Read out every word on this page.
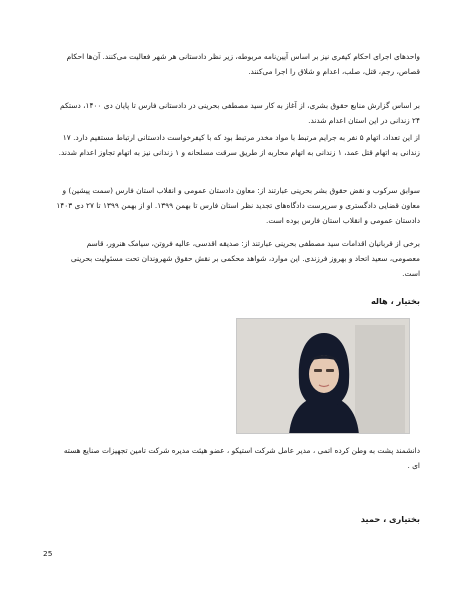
واحدهای اجرای احکام کیفری نیز بر اساس آیین‌نامه مربوطه، زیر نظر دادستانی هر شهر فعالیت می‌کنند. آن‌ها احکام قصاص، رجم، قتل، صلب، اعدام و شلاق را اجرا می‌کنند.

بر اساس گزارش منابع حقوق بشری، از آغاز به کار سید مصطفی بحرینی در دادستانی فارس تا پایان دی ۱۴۰۰، دستکم ۲۴ زندانی در این استان اعدام شدند.

از این تعداد، اتهام ۵ نفر به جرایم مرتبط با مواد مخدر مرتبط بود که با کیفرخواست دادستانی ارتباط مستقیم دارد. ۱۷ زندانی به اتهام قتل عمد، ۱ زندانی به اتهام محاربه از طریق سرقت مسلحانه و ۱ زندانی نیز به اتهام تجاوز اعدام شدند.

سوابق سرکوب و نقض حقوق بشر بحرینی عبارتند از: معاون دادستان عمومی و انقلاب استان فارس (سمت پیشین) و معاون قضایی دادگستری و سرپرست دادگاه‌های تجدید نظر استان فارس تا بهمن ۱۳۹۹. او از بهمن ۱۳۹۹ تا ۲۷ دی ۱۴۰۳ دادستان عمومی و انقلاب استان فارس بوده است.

برخی از قربانیان اقدامات سید مصطفی بحرینی عبارتند از: صدیقه اقدسی، عالیه فروتن، سیامک هنرور، قاسم معصومی، سعید اتحاد و بهروز فرزندی. این موارد، شواهد محکمی بر نقش حقوق شهروندان تحت مسئولیت بحرینی است.

بختیار ، هاله

دانشمند پشت به وطن کرده اتمی ، مدیر عامل شرکت استیکو ، عضو هیئت مدیره شرکت تامین تجهیزات صنایع هسته ای .

بختیاری ، حمید
25
